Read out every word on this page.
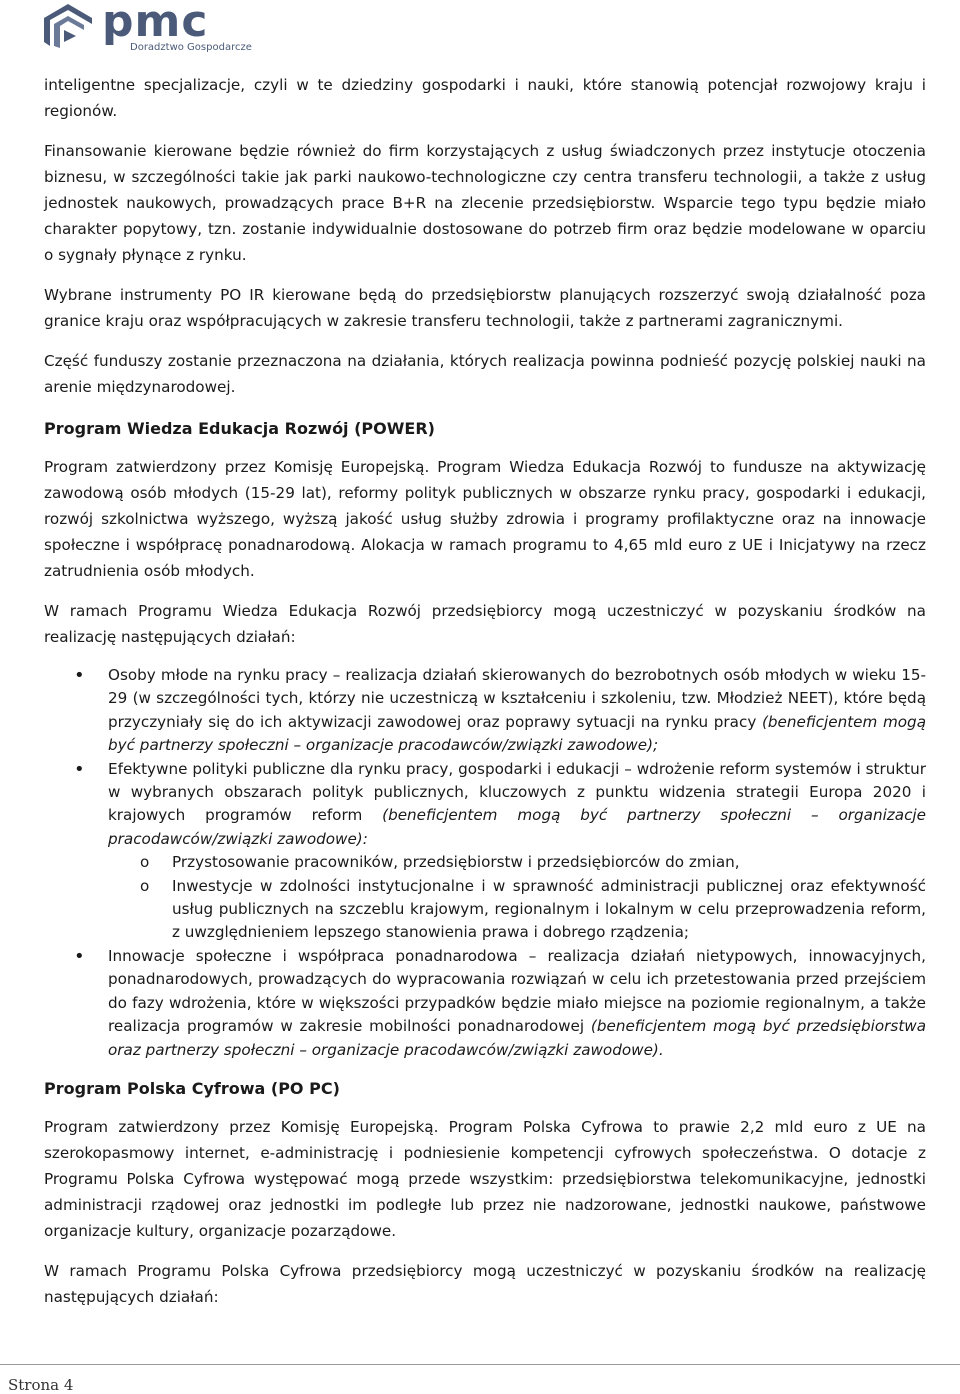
pmc
Doradztwo Gospodarcze

inteligentne specjalizacje, czyli w te dziedziny gospodarki i nauki, które stanowią potencjał rozwojowy kraju i regionów.

Finansowanie kierowane będzie również do firm korzystających z usług świadczonych przez instytucje otoczenia biznesu, w szczególności takie jak parki naukowo-technologiczne czy centra transferu technologii, a także z usług jednostek naukowych, prowadzących prace B+R na zlecenie przedsiębiorstw. Wsparcie tego typu będzie miało charakter popytowy, tzn. zostanie indywidualnie dostosowane do potrzeb firm oraz będzie modelowane w oparciu o sygnały płynące z rynku.

Wybrane instrumenty PO IR kierowane będą do przedsiębiorstw planujących rozszerzyć swoją działalność poza granice kraju oraz współpracujących w zakresie transferu technologii, także z partnerami zagranicznymi.

Część funduszy zostanie przeznaczona na działania, których realizacja powinna podnieść pozycję polskiej nauki na arenie międzynarodowej.

Program Wiedza Edukacja Rozwój (POWER)

Program zatwierdzony przez Komisję Europejską. Program Wiedza Edukacja Rozwój to fundusze na aktywizację zawodową osób młodych (15-29 lat), reformy polityk publicznych w obszarze rynku pracy, gospodarki i edukacji, rozwój szkolnictwa wyższego, wyższą jakość usług służby zdrowia i programy profilaktyczne oraz na innowacje społeczne i współpracę ponadnarodową. Alokacja w ramach programu to 4,65 mld euro z UE i Inicjatywy na rzecz zatrudnienia osób młodych.

W ramach Programu Wiedza Edukacja Rozwój przedsiębiorcy mogą uczestniczyć w pozyskaniu środków na realizację następujących działań:

• Osoby młode na rynku pracy – realizacja działań skierowanych do bezrobotnych osób młodych w wieku 15-29 (w szczególności tych, którzy nie uczestniczą w kształceniu i szkoleniu, tzw. Młodzież NEET), które będą przyczyniały się do ich aktywizacji zawodowej oraz poprawy sytuacji na rynku pracy (beneficjentem mogą być partnerzy społeczni – organizacje pracodawców/związki zawodowe);
• Efektywne polityki publiczne dla rynku pracy, gospodarki i edukacji – wdrożenie reform systemów i struktur w wybranych obszarach polityk publicznych, kluczowych z punktu widzenia strategii Europa 2020 i krajowych programów reform (beneficjentem mogą być partnerzy społeczni – organizacje pracodawców/związki zawodowe):
o Przystosowanie pracowników, przedsiębiorstw i przedsiębiorców do zmian,
o Inwestycje w zdolności instytucjonalne i w sprawność administracji publicznej oraz efektywność usług publicznych na szczeblu krajowym, regionalnym i lokalnym w celu przeprowadzenia reform, z uwzględnieniem lepszego stanowienia prawa i dobrego rządzenia;
• Innowacje społeczne i współpraca ponadnarodowa – realizacja działań nietypowych, innowacyjnych, ponadnarodowych, prowadzących do wypracowania rozwiązań w celu ich przetestowania przed przejściem do fazy wdrożenia, które w większości przypadków będzie miało miejsce na poziomie regionalnym, a także realizacja programów w zakresie mobilności ponadnarodowej (beneficjentem mogą być przedsiębiorstwa oraz partnerzy społeczni – organizacje pracodawców/związki zawodowe).
Program Polska Cyfrowa (PO PC)

Program zatwierdzony przez Komisję Europejską. Program Polska Cyfrowa to prawie 2,2 mld euro z UE na szerokopasmowy internet, e-administrację i podniesienie kompetencji cyfrowych społeczeństwa. O dotacje z Programu Polska Cyfrowa występować mogą przede wszystkim: przedsiębiorstwa telekomunikacyjne, jednostki administracji rządowej oraz jednostki im podległe lub przez nie nadzorowane, jednostki naukowe, państwowe organizacje kultury, organizacje pozarządowe.

W ramach Programu Polska Cyfrowa przedsiębiorcy mogą uczestniczyć w pozyskaniu środków na realizację następujących działań:

Strona 4
